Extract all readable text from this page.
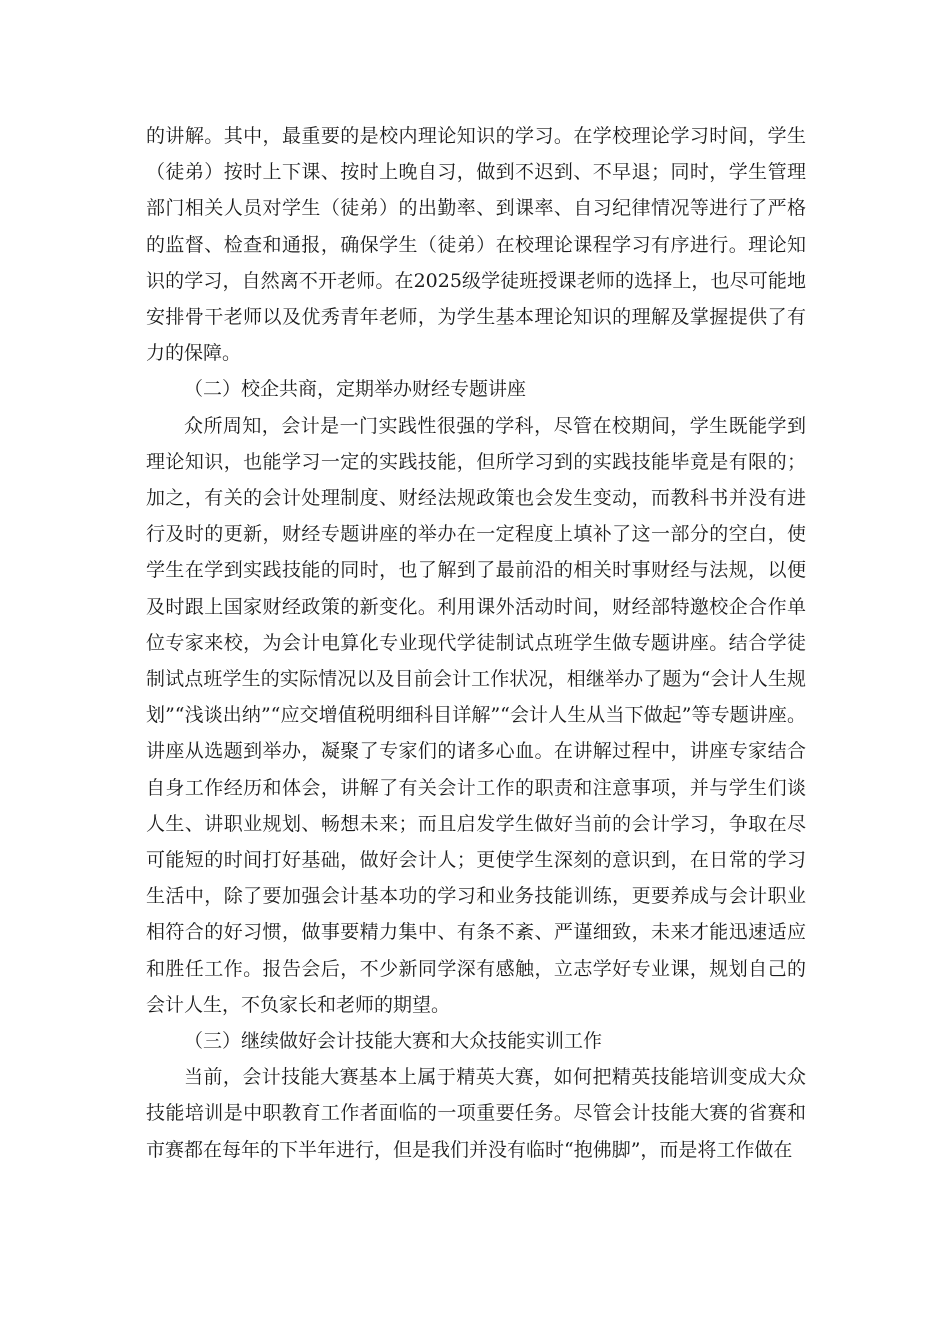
的讲解。其中，最重要的是校内理论知识的学习。在学校理论学习时间，学生（徒弟）按时上下课、按时上晚自习，做到不迟到、不早退；同时，学生管理部门相关人员对学生（徒弟）的出勤率、到课率、自习纪律情况等进行了严格的监督、检查和通报，确保学生（徒弟）在校理论课程学习有序进行。理论知识的学习，自然离不开老师。在2025级学徒班授课老师的选择上，也尽可能地安排骨干老师以及优秀青年老师，为学生基本理论知识的理解及掌握提供了有力的保障。

（二）校企共商，定期举办财经专题讲座

众所周知，会计是一门实践性很强的学科，尽管在校期间，学生既能学到理论知识，也能学习一定的实践技能，但所学习到的实践技能毕竟是有限的；加之，有关的会计处理制度、财经法规政策也会发生变动，而教科书并没有进行及时的更新，财经专题讲座的举办在一定程度上填补了这一部分的空白，使学生在学到实践技能的同时，也了解到了最前沿的相关时事财经与法规，以便及时跟上国家财经政策的新变化。利用课外活动时间，财经部特邀校企合作单位专家来校，为会计电算化专业现代学徒制试点班学生做专题讲座。结合学徒制试点班学生的实际情况以及目前会计工作状况，相继举办了题为“会计人生规划”“浅谈出纳”“应交增值税明细科目详解”“会计人生从当下做起”等专题讲座。讲座从选题到举办，凝聚了专家们的诸多心血。在讲解过程中，讲座专家结合自身工作经历和体会，讲解了有关会计工作的职责和注意事项，并与学生们谈人生、讲职业规划、畅想未来；而且启发学生做好当前的会计学习，争取在尽可能短的时间打好基础，做好会计人；更使学生深刻的意识到，在日常的学习生活中，除了要加强会计基本功的学习和业务技能训练，更要养成与会计职业相符合的好习惯，做事要精力集中、有条不紊、严谨细致，未来才能迅速适应和胜任工作。报告会后，不少新同学深有感触，立志学好专业课，规划自己的会计人生，不负家长和老师的期望。

（三）继续做好会计技能大赛和大众技能实训工作

当前，会计技能大赛基本上属于精英大赛，如何把精英技能培训变成大众技能培训是中职教育工作者面临的一项重要任务。尽管会计技能大赛的省赛和市赛都在每年的下半年进行，但是我们并没有临时“抱佛脚”，而是将工作做在
